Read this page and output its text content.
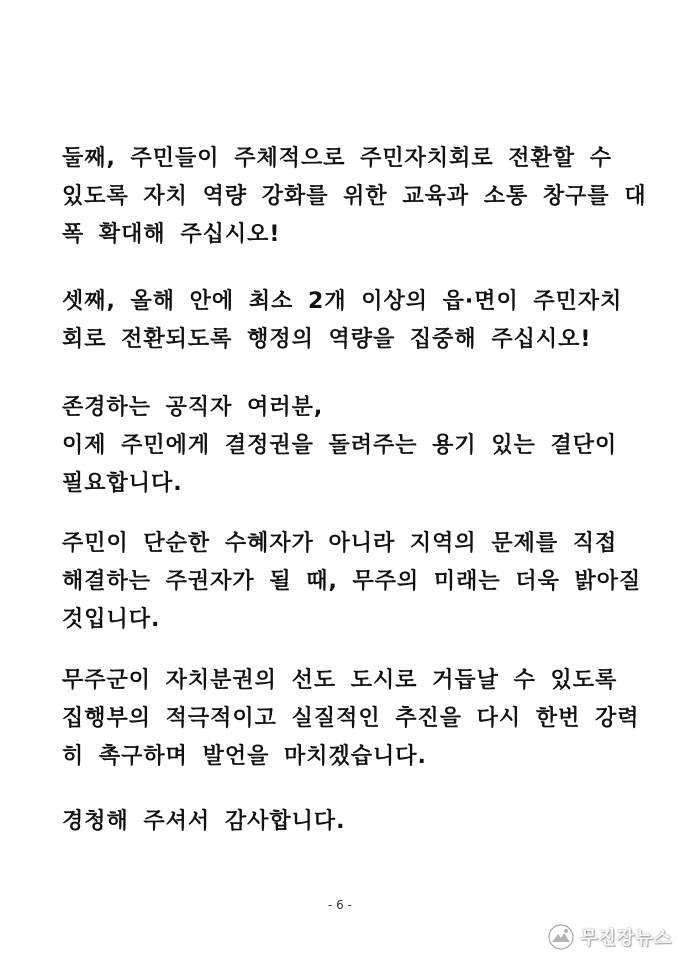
둘째, 주민들이 주체적으로 주민자치회로 전환할 수
있도록 자치 역량 강화를 위한 교육과 소통 창구를 대
폭 확대해 주십시오!
셋째, 올해 안에 최소 2개 이상의 읍·면이 주민자치
회로 전환되도록 행정의 역량을 집중해 주십시오!
존경하는 공직자 여러분,
이제 주민에게 결정권을 돌려주는 용기 있는 결단이
필요합니다.
주민이 단순한 수혜자가 아니라 지역의 문제를 직접
해결하는 주권자가 될 때, 무주의 미래는 더욱 밝아질
것입니다.
무주군이 자치분권의 선도 도시로 거듭날 수 있도록
집행부의 적극적이고 실질적인 추진을 다시 한번 강력
히 촉구하며 발언을 마치겠습니다.
경청해 주셔서 감사합니다.
- 6 -
무진장뉴스
